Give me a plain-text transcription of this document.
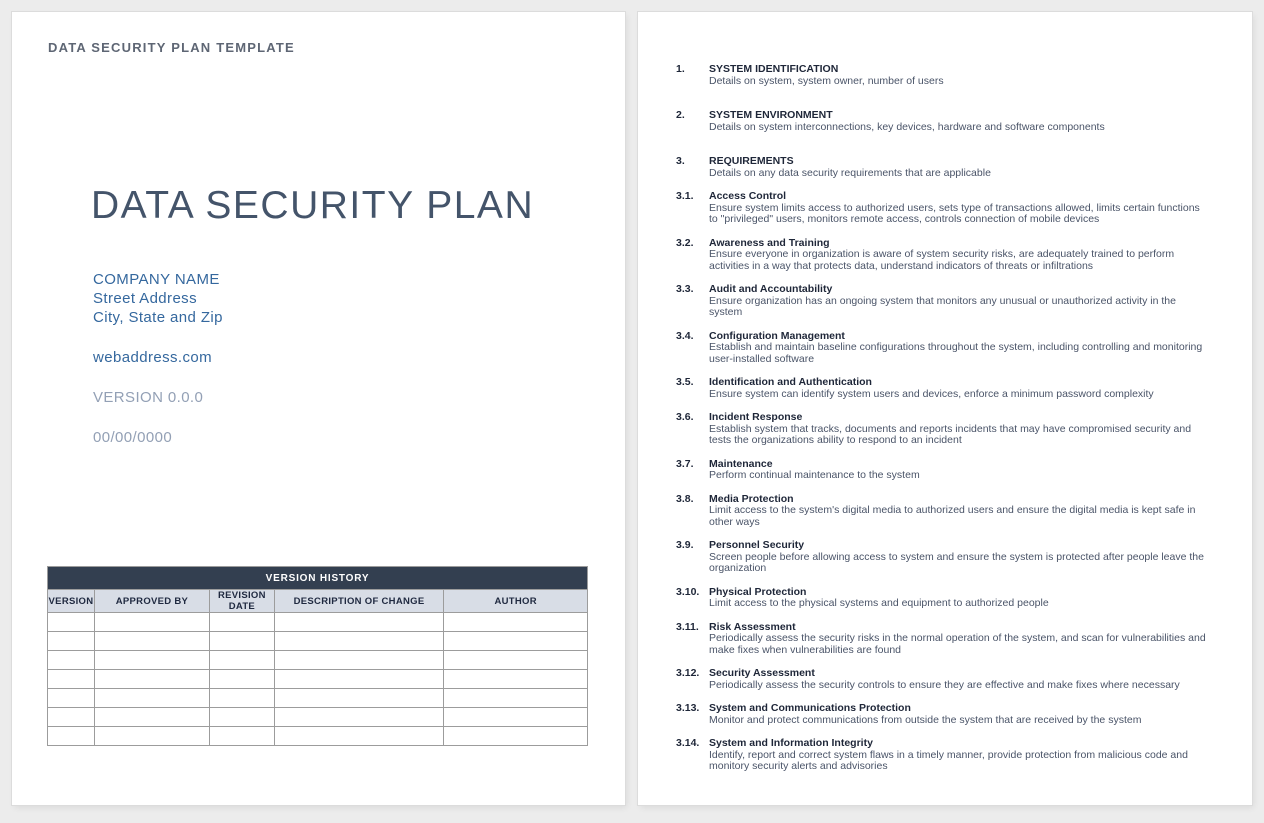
DATA SECURITY PLAN TEMPLATE
DATA SECURITY PLAN
COMPANY NAME
Street Address
City, State and Zip
webaddress.com
VERSION 0.0.0
00/00/0000
VERSION HISTORY				
VERSION	APPROVED BY	REVISION DATE	DESCRIPTION OF CHANGE	AUTHOR

1.	SYSTEM IDENTIFICATION
Details on system, system owner, number of users
2.	SYSTEM ENVIRONMENT
Details on system interconnections, key devices, hardware and software components
3.	REQUIREMENTS
Details on any data security requirements that are applicable
3.1.	Access Control
Ensure system limits access to authorized users, sets type of transactions allowed, limits certain functions to "privileged" users, monitors remote access, controls connection of mobile devices
3.2.	Awareness and Training
Ensure everyone in organization is aware of system security risks, are adequately trained to perform activities in a way that protects data, understand indicators of threats or infiltrations
3.3.	Audit and Accountability
Ensure organization has an ongoing system that monitors any unusual or unauthorized activity in the system
3.4.	Configuration Management
Establish and maintain baseline configurations throughout the system, including controlling and monitoring user-installed software
3.5.	Identification and Authentication
Ensure system can identify system users and devices, enforce a minimum password complexity
3.6.	Incident Response
Establish system that tracks, documents and reports incidents that may have compromised security and tests the organizations ability to respond to an incident
3.7.	Maintenance
Perform continual maintenance to the system
3.8.	Media Protection
Limit access to the system's digital media to authorized users and ensure the digital media is kept safe in other ways
3.9.	Personnel Security
Screen people before allowing access to system and ensure the system is protected after people leave the organization
3.10. Physical Protection
Limit access to the physical systems and equipment to authorized people
3.11. Risk Assessment
Periodically assess the security risks in the normal operation of the system, and scan for vulnerabilities and make fixes when vulnerabilities are found
3.12. Security Assessment
Periodically assess the security controls to ensure they are effective and make fixes where necessary
3.13. System and Communications Protection
Monitor and protect communications from outside the system that are received by the system
3.14. System and Information Integrity
Identify, report and correct system flaws in a timely manner, provide protection from malicious code and monitory security alerts and advisories
